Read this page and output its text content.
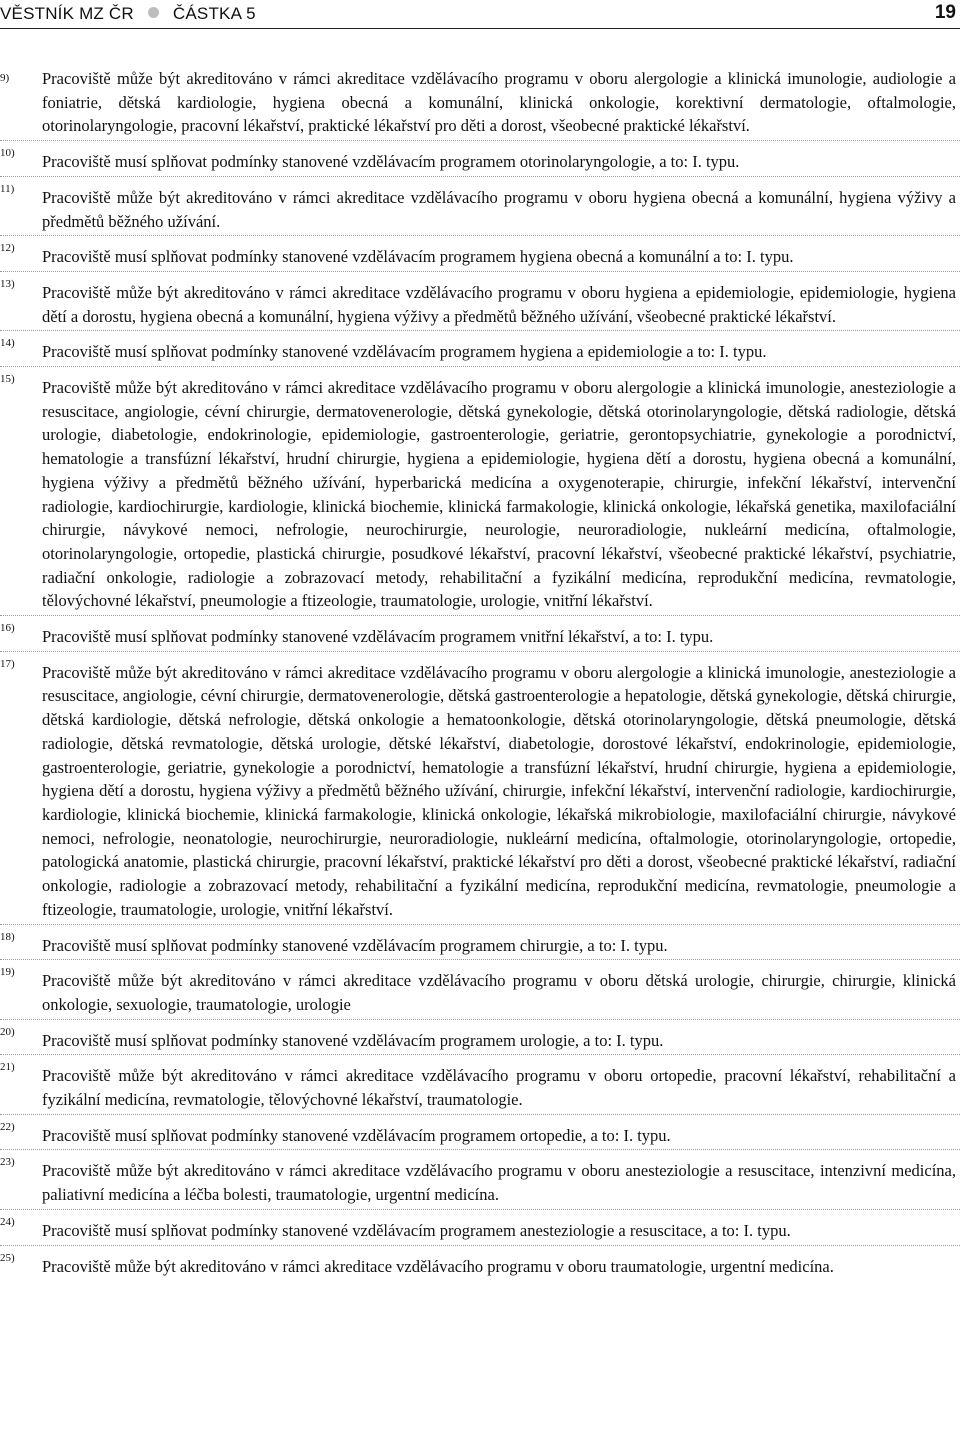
VĚSTNÍK MZ ČR ČÁSTKA 5	19
9) Pracoviště může být akreditováno v rámci akreditace vzdělávacího programu v oboru alergologie a klinická imunologie, audiologie a foniatrie, dětská kardiologie, hygiena obecná a komunální, klinická onkologie, korektivní dermatologie, oftalmologie, otorinolaryngologie, pracovní lékařství, praktické lékařství pro děti a dorost, všeobecné praktické lékařství.
10) Pracoviště musí splňovat podmínky stanovené vzdělávacím programem otorinolaryngologie, a to: I. typu.
11) Pracoviště může být akreditováno v rámci akreditace vzdělávacího programu v oboru hygiena obecná a komunální, hygiena výživy a předmětů běžného užívání.
12) Pracoviště musí splňovat podmínky stanovené vzdělávacím programem hygiena obecná a komunální a to: I. typu.
13) Pracoviště může být akreditováno v rámci akreditace vzdělávacího programu v oboru hygiena a epidemiologie, epidemiologie, hygiena dětí a dorostu, hygiena obecná a komunální, hygiena výživy a předmětů běžného užívání, všeobecné praktické lékařství.
14) Pracoviště musí splňovat podmínky stanovené vzdělávacím programem hygiena a epidemiologie a to: I. typu.
15) Pracoviště může být akreditováno v rámci akreditace vzdělávacího programu v oboru alergologie a klinická imunologie, anesteziologie a resuscitace, angiologie, cévní chirurgie, dermatovenerologie, dětská gynekologie, dětská otorinolaryngologie, dětská radiologie, dětská urologie, diabetologie, endokrinologie, epidemiologie, gastroenterologie, geriatrie, gerontopsychiatrie, gynekologie a porodnictví, hematologie a transfúzní lékařství, hrudní chirurgie, hygiena a epidemiologie, hygiena dětí a dorostu, hygiena obecná a komunální, hygiena výživy a předmětů běžného užívání, hyperbarická medicína a oxygenoterapie, chirurgie, infekční lékařství, intervenční radiologie, kardiochirurgie, kardiologie, klinická biochemie, klinická farmakologie, klinická onkologie, lékařská genetika, maxilofaciální chirurgie, návykové nemoci, nefrologie, neurochirurgie, neurologie, neuroradiologie, nukleární medicína, oftalmologie, otorinolaryngologie, ortopedie, plastická chirurgie, posudkové lékařství, pracovní lékařství, všeobecné praktické lékařství, psychiatrie, radiační onkologie, radiologie a zobrazovací metody, rehabilitační a fyzikální medicína, reprodukční medicína, revmatologie, tělovýchovné lékařství, pneumologie a ftizeologie, traumatologie, urologie, vnitřní lékařství.
16) Pracoviště musí splňovat podmínky stanovené vzdělávacím programem vnitřní lékařství, a to: I. typu.
17) Pracoviště může být akreditováno v rámci akreditace vzdělávacího programu v oboru alergologie a klinická imunologie, anesteziologie a resuscitace, angiologie, cévní chirurgie, dermatovenerologie, dětská gastroenterologie a hepatologie, dětská gynekologie, dětská chirurgie, dětská kardiologie, dětská nefrologie, dětská onkologie a hematoonkologie, dětská otorinolaryngologie, dětská pneumologie, dětská radiologie, dětská revmatologie, dětská urologie, dětské lékařství, diabetologie, dorostové lékařství, endokrinologie, epidemiologie, gastroenterologie, geriatrie, gynekologie a porodnictví, hematologie a transfúzní lékařství, hrudní chirurgie, hygiena a epidemiologie, hygiena dětí a dorostu, hygiena výživy a předmětů běžného užívání, chirurgie, infekční lékařství, intervenční radiologie, kardiochirurgie, kardiologie, klinická biochemie, klinická farmakologie, klinická onkologie, lékařská mikrobiologie, maxilofaciální chirurgie, návykové nemoci, nefrologie, neonatologie, neurochirurgie, neuroradiologie, nukleární medicína, oftalmologie, otorinolaryngologie, ortopedie, patologická anatomie, plastická chirurgie, pracovní lékařství, praktické lékařství pro děti a dorost, všeobecné praktické lékařství, radiační onkologie, radiologie a zobrazovací metody, rehabilitační a fyzikální medicína, reprodukční medicína, revmatologie, pneumologie a ftizeologie, traumatologie, urologie, vnitřní lékařství.
18) Pracoviště musí splňovat podmínky stanovené vzdělávacím programem chirurgie, a to: I. typu.
19) Pracoviště může být akreditováno v rámci akreditace vzdělávacího programu v oboru dětská urologie, chirurgie, chirurgie, klinická onkologie, sexuologie, traumatologie, urologie
20) Pracoviště musí splňovat podmínky stanovené vzdělávacím programem urologie, a to: I. typu.
21) Pracoviště může být akreditováno v rámci akreditace vzdělávacího programu v oboru ortopedie, pracovní lékařství, rehabilitační a fyzikální medicína, revmatologie, tělovýchovné lékařství, traumatologie.
22) Pracoviště musí splňovat podmínky stanovené vzdělávacím programem ortopedie, a to: I. typu.
23) Pracoviště může být akreditováno v rámci akreditace vzdělávacího programu v oboru anesteziologie a resuscitace, intenzivní medicína, paliativní medicína a léčba bolesti, traumatologie, urgentní medicína.
24) Pracoviště musí splňovat podmínky stanovené vzdělávacím programem anesteziologie a resuscitace, a to: I. typu.
25) Pracoviště může být akreditováno v rámci akreditace vzdělávacího programu v oboru traumatologie, urgentní medicína.
